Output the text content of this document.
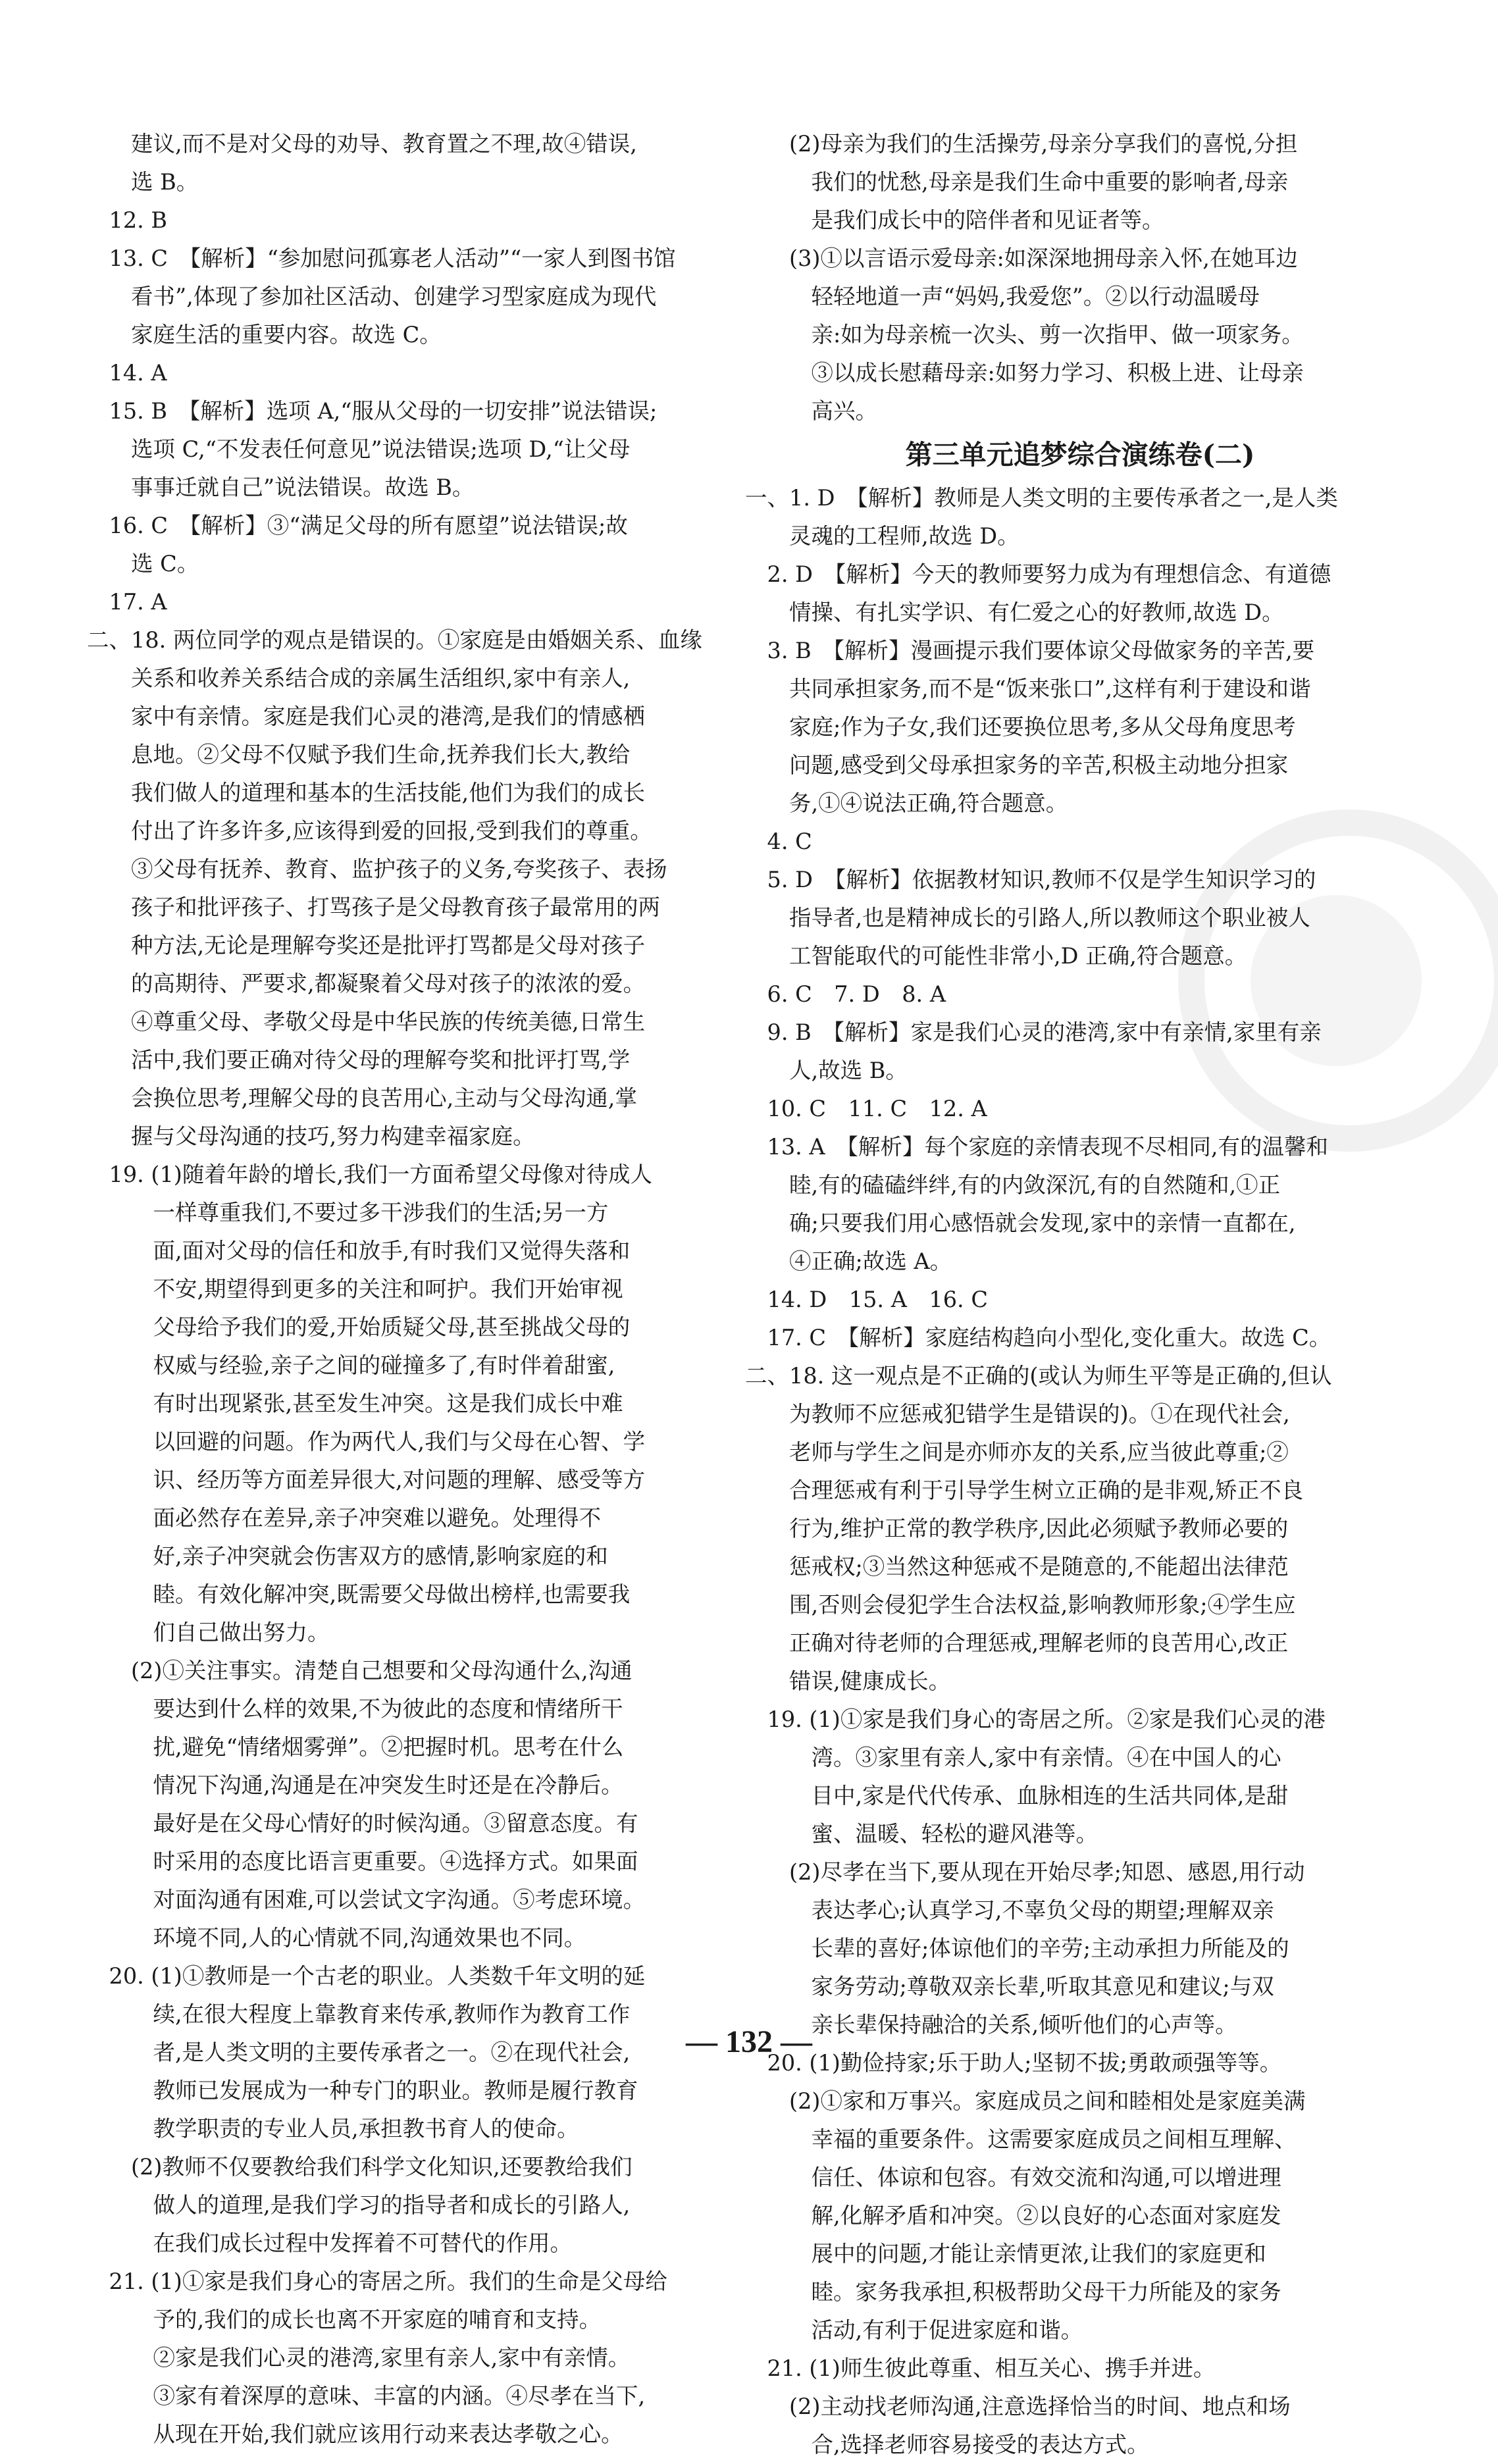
　　建议,而不是对父母的劝导、教育置之不理,故④错误,
　　选 B。
　12. B
　13. C　【解析】“参加慰问孤寡老人活动”“一家人到图书馆
　　看书”,体现了参加社区活动、创建学习型家庭成为现代
　　家庭生活的重要内容。故选 C。
　14. A
　15. B　【解析】选项 A,“服从父母的一切安排”说法错误;
　　选项 C,“不发表任何意见”说法错误;选项 D,“让父母
　　事事迁就自己”说法错误。故选 B。
　16. C　【解析】③“满足父母的所有愿望”说法错误;故
　　选 C。
　17. A
二、18. 两位同学的观点是错误的。①家庭是由婚姻关系、血缘
　　关系和收养关系结合成的亲属生活组织,家中有亲人,
　　家中有亲情。家庭是我们心灵的港湾,是我们的情感栖
　　息地。②父母不仅赋予我们生命,抚养我们长大,教给
　　我们做人的道理和基本的生活技能,他们为我们的成长
　　付出了许多许多,应该得到爱的回报,受到我们的尊重。
　　③父母有抚养、教育、监护孩子的义务,夸奖孩子、表扬
　　孩子和批评孩子、打骂孩子是父母教育孩子最常用的两
　　种方法,无论是理解夸奖还是批评打骂都是父母对孩子
　　的高期待、严要求,都凝聚着父母对孩子的浓浓的爱。
　　④尊重父母、孝敬父母是中华民族的传统美德,日常生
　　活中,我们要正确对待父母的理解夸奖和批评打骂,学
　　会换位思考,理解父母的良苦用心,主动与父母沟通,掌
　　握与父母沟通的技巧,努力构建幸福家庭。
　19. (1)随着年龄的增长,我们一方面希望父母像对待成人
　　　一样尊重我们,不要过多干涉我们的生活;另一方
　　　面,面对父母的信任和放手,有时我们又觉得失落和
　　　不安,期望得到更多的关注和呵护。我们开始审视
　　　父母给予我们的爱,开始质疑父母,甚至挑战父母的
　　　权威与经验,亲子之间的碰撞多了,有时伴着甜蜜,
　　　有时出现紧张,甚至发生冲突。这是我们成长中难
　　　以回避的问题。作为两代人,我们与父母在心智、学
　　　识、经历等方面差异很大,对问题的理解、感受等方
　　　面必然存在差异,亲子冲突难以避免。处理得不
　　　好,亲子冲突就会伤害双方的感情,影响家庭的和
　　　睦。有效化解冲突,既需要父母做出榜样,也需要我
　　　们自己做出努力。
　　(2)①关注事实。清楚自己想要和父母沟通什么,沟通
　　　要达到什么样的效果,不为彼此的态度和情绪所干
　　　扰,避免“情绪烟雾弹”。②把握时机。思考在什么
　　　情况下沟通,沟通是在冲突发生时还是在冷静后。
　　　最好是在父母心情好的时候沟通。③留意态度。有
　　　时采用的态度比语言更重要。④选择方式。如果面
　　　对面沟通有困难,可以尝试文字沟通。⑤考虑环境。
　　　环境不同,人的心情就不同,沟通效果也不同。
　20. (1)①教师是一个古老的职业。人类数千年文明的延
　　　续,在很大程度上靠教育来传承,教师作为教育工作
　　　者,是人类文明的主要传承者之一。②在现代社会,
　　　教师已发展成为一种专门的职业。教师是履行教育
　　　教学职责的专业人员,承担教书育人的使命。
　　(2)教师不仅要教给我们科学文化知识,还要教给我们
　　　做人的道理,是我们学习的指导者和成长的引路人,
　　　在我们成长过程中发挥着不可替代的作用。
　21. (1)①家是我们身心的寄居之所。我们的生命是父母给
　　　予的,我们的成长也离不开家庭的哺育和支持。
　　　②家是我们心灵的港湾,家里有亲人,家中有亲情。
　　　③家有着深厚的意味、丰富的内涵。④尽孝在当下,
　　　从现在开始,我们就应该用行动来表达孝敬之心。
　　(2)母亲为我们的生活操劳,母亲分享我们的喜悦,分担
　　　我们的忧愁,母亲是我们生命中重要的影响者,母亲
　　　是我们成长中的陪伴者和见证者等。
　　(3)①以言语示爱母亲:如深深地拥母亲入怀,在她耳边
　　　轻轻地道一声“妈妈,我爱您”。②以行动温暖母
　　　亲:如为母亲梳一次头、剪一次指甲、做一项家务。
　　　③以成长慰藉母亲:如努力学习、积极上进、让母亲
　　　高兴。
第三单元追梦综合演练卷(二)
一、1. D　【解析】教师是人类文明的主要传承者之一,是人类
　　灵魂的工程师,故选 D。
　2. D　【解析】今天的教师要努力成为有理想信念、有道德
　　情操、有扎实学识、有仁爱之心的好教师,故选 D。
　3. B　【解析】漫画提示我们要体谅父母做家务的辛苦,要
　　共同承担家务,而不是“饭来张口”,这样有利于建设和谐
　　家庭;作为子女,我们还要换位思考,多从父母角度思考
　　问题,感受到父母承担家务的辛苦,积极主动地分担家
　　务,①④说法正确,符合题意。
　4. C
　5. D　【解析】依据教材知识,教师不仅是学生知识学习的
　　指导者,也是精神成长的引路人,所以教师这个职业被人
　　工智能取代的可能性非常小,D 正确,符合题意。
　6. C　7. D　8. A
　9. B　【解析】家是我们心灵的港湾,家中有亲情,家里有亲
　　人,故选 B。
　10. C　11. C　12. A
　13. A　【解析】每个家庭的亲情表现不尽相同,有的温馨和
　　睦,有的磕磕绊绊,有的内敛深沉,有的自然随和,①正
　　确;只要我们用心感悟就会发现,家中的亲情一直都在,
　　④正确;故选 A。
　14. D　15. A　16. C
　17. C　【解析】家庭结构趋向小型化,变化重大。故选 C。
二、18. 这一观点是不正确的(或认为师生平等是正确的,但认
　　为教师不应惩戒犯错学生是错误的)。①在现代社会,
　　老师与学生之间是亦师亦友的关系,应当彼此尊重;②
　　合理惩戒有利于引导学生树立正确的是非观,矫正不良
　　行为,维护正常的教学秩序,因此必须赋予教师必要的
　　惩戒权;③当然这种惩戒不是随意的,不能超出法律范
　　围,否则会侵犯学生合法权益,影响教师形象;④学生应
　　正确对待老师的合理惩戒,理解老师的良苦用心,改正
　　错误,健康成长。
　19. (1)①家是我们身心的寄居之所。②家是我们心灵的港
　　　湾。③家里有亲人,家中有亲情。④在中国人的心
　　　目中,家是代代传承、血脉相连的生活共同体,是甜
　　　蜜、温暖、轻松的避风港等。
　　(2)尽孝在当下,要从现在开始尽孝;知恩、感恩,用行动
　　　表达孝心;认真学习,不辜负父母的期望;理解双亲
　　　长辈的喜好;体谅他们的辛劳;主动承担力所能及的
　　　家务劳动;尊敬双亲长辈,听取其意见和建议;与双
　　　亲长辈保持融洽的关系,倾听他们的心声等。
　20. (1)勤俭持家;乐于助人;坚韧不拔;勇敢顽强等等。
　　(2)①家和万事兴。家庭成员之间和睦相处是家庭美满
　　　幸福的重要条件。这需要家庭成员之间相互理解、
　　　信任、体谅和包容。有效交流和沟通,可以增进理
　　　解,化解矛盾和冲突。②以良好的心态面对家庭发
　　　展中的问题,才能让亲情更浓,让我们的家庭更和
　　　睦。家务我承担,积极帮助父母干力所能及的家务
　　　活动,有利于促进家庭和谐。
　21. (1)师生彼此尊重、相互关心、携手并进。
　　(2)主动找老师沟通,注意选择恰当的时间、地点和场
　　　合,选择老师容易接受的表达方式。
— 132 —
